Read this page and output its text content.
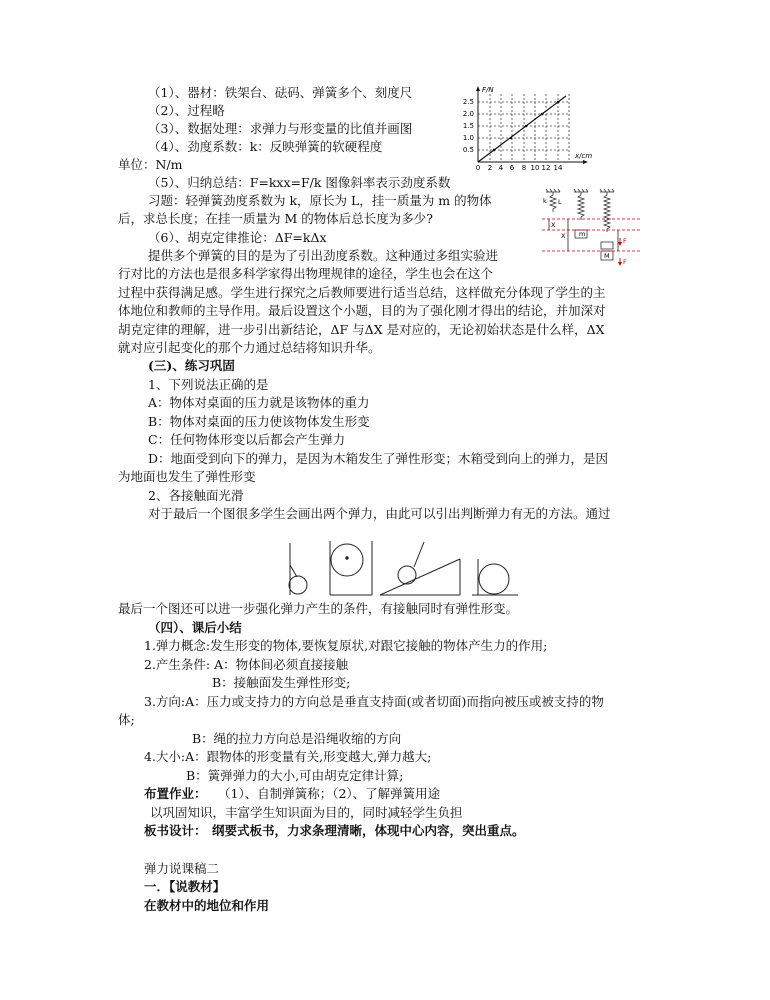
（1）、器材：铁架台、砝码、弹簧多个、刻度尺
（2）、过程略
（3）、数据处理：求弹力与形变量的比值并画图
（4）、劲度系数：k：反映弹簧的软硬程度
单位：N/m
（5）、归纳总结：F=kxx=F/k 图像斜率表示劲度系数
习题：轻弹簧劲度系数为 k，原长为 L，挂一质量为 m 的物体
后，求总长度；在挂一质量为 M 的物体后总长度为多少?
（6）、胡克定律推论：ΔF=kΔx
提供多个弹簧的目的是为了引出劲度系数。这种通过多组实验进
行对比的方法也是很多科学家得出物理规律的途径，学生也会在这个
过程中获得满足感。学生进行探究之后教师要进行适当总结，这样做充分体现了学生的主
体地位和教师的主导作用。最后设置这个小题，目的为了强化刚才得出的结论，并加深对
胡克定律的理解，进一步引出新结论，ΔF 与ΔX 是对应的，无论初始状态是什么样，ΔX
就对应引起变化的那个力通过总结将知识升华。
(三)、练习巩固
1、下列说法正确的是
A：物体对桌面的压力就是该物体的重力
B：物体对桌面的压力使该物体发生形变
C：任何物体形变以后都会产生弹力
D：地面受到向下的弹力，是因为木箱发生了弹性形变；木箱受到向上的弹力，是因
为地面也发生了弹性形变
2、各接触面光滑
对于最后一个图很多学生会画出两个弹力，由此可以引出判断弹力有无的方法。通过
最后一个图还可以进一步强化弹力产生的条件，有接触同时有弹性形变。
（四）、课后小结
1.弹力概念:发生形变的物体,要恢复原状,对跟它接触的物体产生力的作用;
2.产生条件: A：物体间必须直接接触
B：接触面发生弹性形变;
3.方向:A：压力或支持力的方向总是垂直支持面(或者切面)而指向被压或被支持的物
体;
B：绳的拉力方向总是沿绳收缩的方向
4.大小:A：跟物体的形变量有关,形变越大,弹力越大;
B：簧弹弹力的大小,可由胡克定律计算;
布置作业： （1）、自制弹簧称；（2）、了解弹簧用途
以巩固知识，丰富学生知识面为目的，同时减轻学生负担
板书设计： 纲要式板书，力求条理清晰，体现中心内容，突出重点。
弹力说课稿二
一．【说教材】
在教材中的地位和作用
F/N
x/cm
2.5
2.0
1.5
1.0
0.5
0 2 4 6 8 10 12 14
k L
X
X m
M
F
F
